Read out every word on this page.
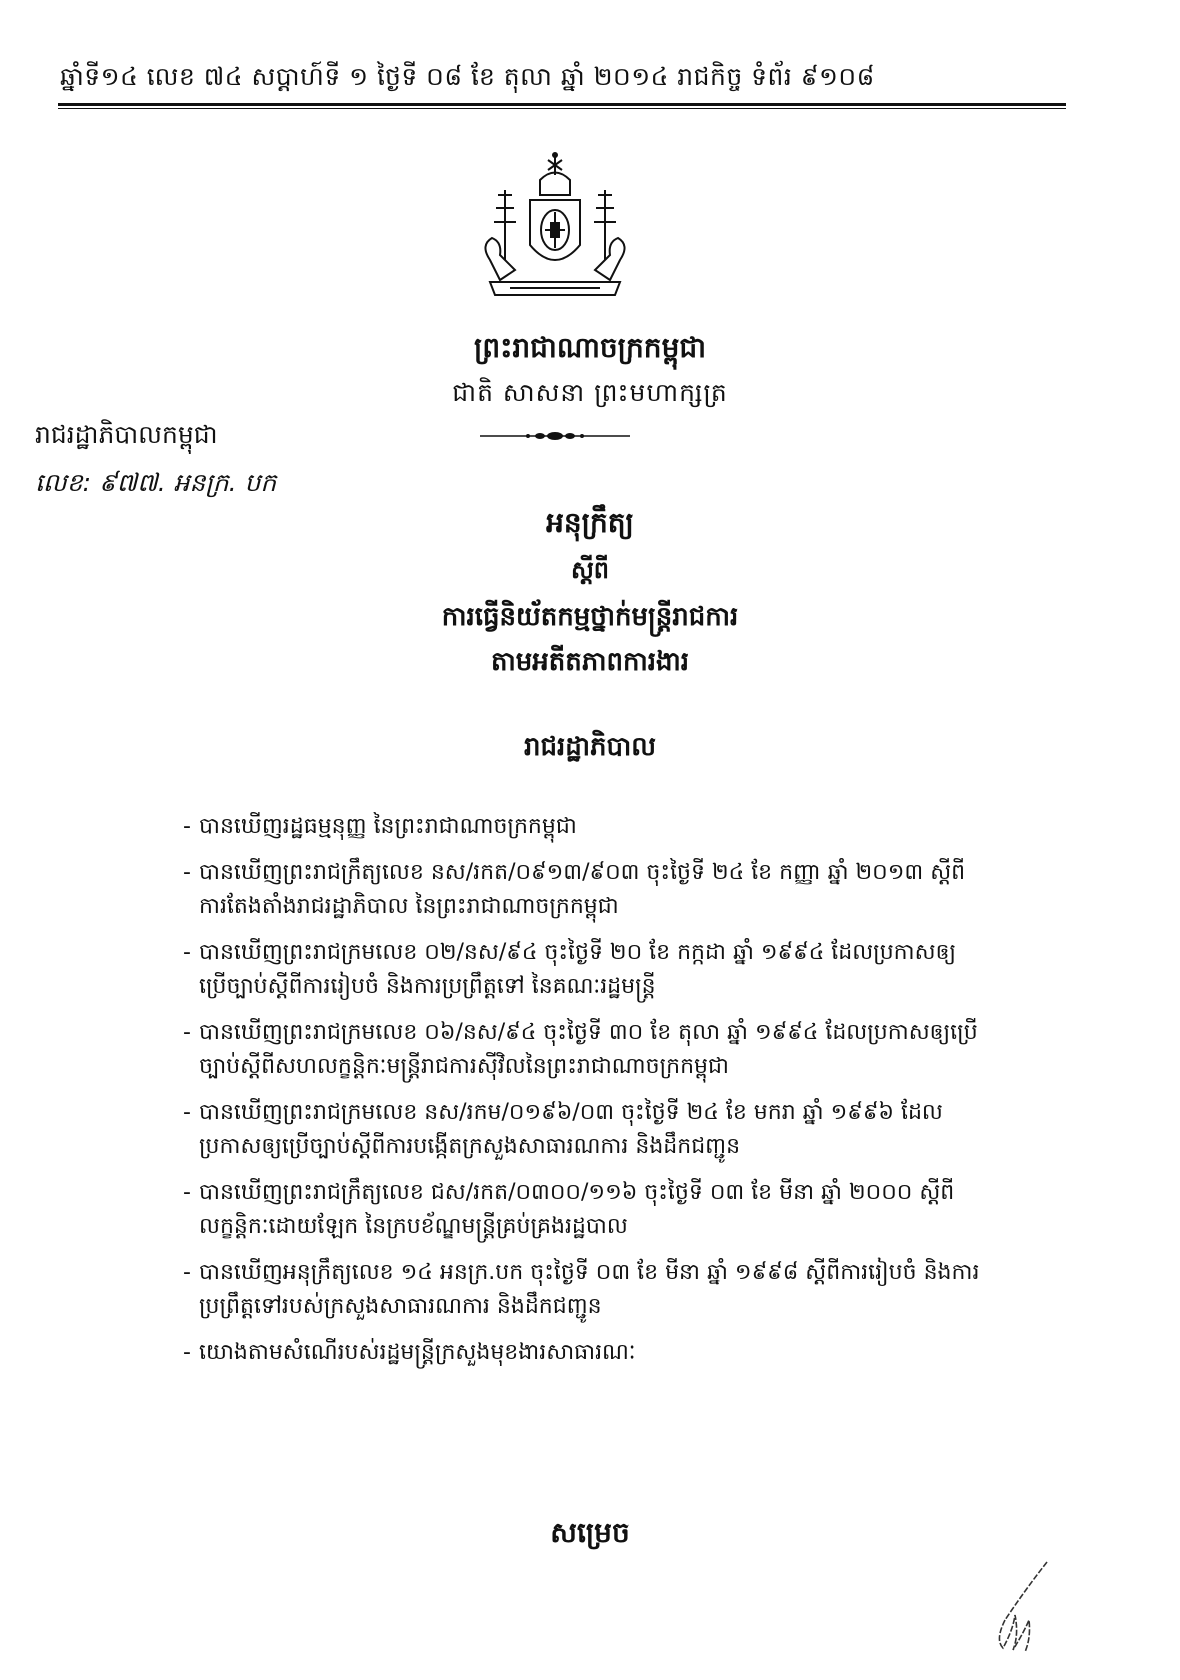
ឆ្នាំទី១៤ លេខ ៧៤ សប្តាហ៍ទី ១ ថ្ងៃទី ០៨ ខែ តុលា ឆ្នាំ ២០១៤ រាជកិច្ច ទំព័រ ៩១០៨
ព្រះរាជាណាចក្រកម្ពុជា
ជាតិ សាសនា ព្រះមហាក្សត្រ
រាជរដ្ឋាភិបាលកម្ពុជា
លេខ: ៩៧៧. អនក្រ. បក
អនុក្រឹត្យ
ស្តីពី
ការធ្វើនិយ័តកម្មថ្នាក់មន្ត្រីរាជការ
តាមអតីតភាពការងារ
រាជរដ្ឋាភិបាល
- បានឃើញរដ្ឋធម្មនុញ្ញ នៃព្រះរាជាណាចក្រកម្ពុជា
- បានឃើញព្រះរាជក្រឹត្យលេខ នស/រកត/០៩១៣/៩០៣ ចុះថ្ងៃទី ២៤ ខែ កញ្ញា ឆ្នាំ ២០១៣ ស្តីពីការតែងតាំងរាជរដ្ឋាភិបាល នៃព្រះរាជាណាចក្រកម្ពុជា
- បានឃើញព្រះរាជក្រមលេខ ០២/នស/៩៤ ចុះថ្ងៃទី ២០ ខែ កក្កដា ឆ្នាំ ១៩៩៤ ដែលប្រកាសឲ្យប្រើច្បាប់ស្តីពីការរៀបចំ និងការប្រព្រឹត្តទៅ នៃគណៈរដ្ឋមន្ត្រី
- បានឃើញព្រះរាជក្រមលេខ ០៦/នស/៩៤ ចុះថ្ងៃទី ៣០ ខែ តុលា ឆ្នាំ ១៩៩៤ ដែលប្រកាសឲ្យប្រើច្បាប់ស្តីពីសហលក្ខន្តិកៈមន្ត្រីរាជការស៊ីវិលនៃព្រះរាជាណាចក្រកម្ពុជា
- បានឃើញព្រះរាជក្រមលេខ នស/រកម/០១៩៦/០៣ ចុះថ្ងៃទី ២៤ ខែ មករា ឆ្នាំ ១៩៩៦ ដែលប្រកាសឲ្យប្រើច្បាប់ស្តីពីការបង្កើតក្រសួងសាធារណការ និងដឹកជញ្ជូន
- បានឃើញព្រះរាជក្រឹត្យលេខ ជស/រកត/០៣០០/១១៦ ចុះថ្ងៃទី ០៣ ខែ មីនា ឆ្នាំ ២០០០ ស្តីពីលក្ខន្តិកៈដោយឡែក នៃក្របខ័ណ្ឌមន្ត្រីគ្រប់គ្រងរដ្ឋបាល
- បានឃើញអនុក្រឹត្យលេខ ១៤ អនក្រ.បក ចុះថ្ងៃទី ០៣ ខែ មីនា ឆ្នាំ ១៩៩៨ ស្តីពីការរៀបចំ និងការប្រព្រឹត្តទៅរបស់ក្រសួងសាធារណការ និងដឹកជញ្ជូន
- យោងតាមសំណើរបស់រដ្ឋមន្ត្រីក្រសួងមុខងារសាធារណៈ
សម្រេច
